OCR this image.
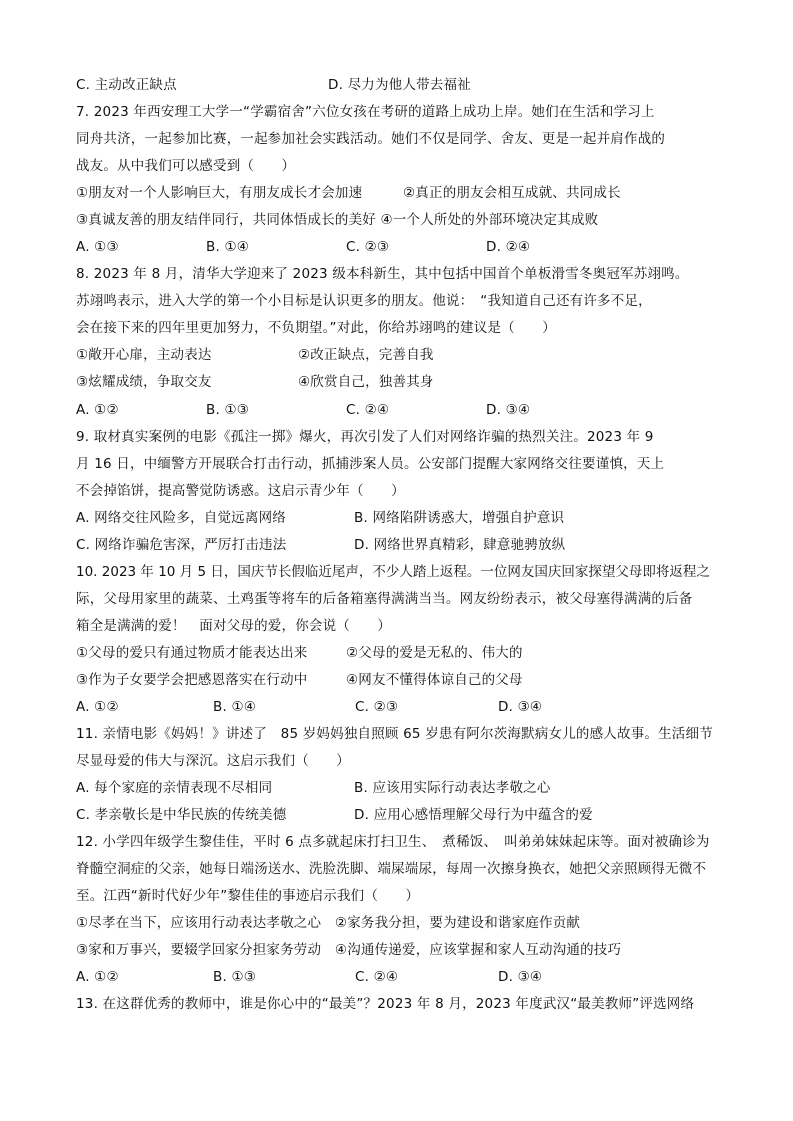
C. 主动改正缺点	D. 尽力为他人带去福祉
7. 2023 年西安理工大学一“学霸宿舍”六位女孩在考研的道路上成功上岸。她们在生活和学习上
同舟共济，一起参加比赛，一起参加社会实践活动。她们不仅是同学、舍友、更是一起并肩作战的
战友。从中我们可以感受到（　　）
①朋友对一个人影响巨大，有朋友成长才会加速	②真正的朋友会相互成就、共同成长
③真诚友善的朋友结伴同行，共同体悟成长的美好 ④一个人所处的外部环境决定其成败
A. ①③	B. ①④	C. ②③	D. ②④
8. 2023 年 8 月，清华大学迎来了 2023 级本科新生，其中包括中国首个单板滑雪冬奥冠军苏翊鸣。
苏翊鸣表示，进入大学的第一个小目标是认识更多的朋友。他说：　“我知道自己还有许多不足，
会在接下来的四年里更加努力，不负期望。”对此，你给苏翊鸣的建议是（　　）
①敞开心扉，主动表达	②改正缺点，完善自我
③炫耀成绩，争取交友	④欣赏自己，独善其身
A. ①②	B. ①③	C. ②④	D. ③④
9. 取材真实案例的电影《孤注一掷》爆火，再次引发了人们对网络诈骗的热烈关注。2023 年 9
月 16 日，中缅警方开展联合打击行动，抓捕涉案人员。公安部门提醒大家网络交往要谨慎，天上
不会掉馅饼，提高警觉防诱惑。这启示青少年（　　）
A. 网络交往风险多，自觉远离网络	B. 网络陷阱诱惑大，增强自护意识
C. 网络诈骗危害深，严厉打击违法	D. 网络世界真精彩，肆意驰骋放纵
10. 2023 年 10 月 5 日，国庆节长假临近尾声，不少人踏上返程。一位网友国庆回家探望父母即将返程之
际，父母用家里的蔬菜、土鸡蛋等将车的后备箱塞得满满当当。网友纷纷表示，被父母塞得满满的后备
箱全是满满的爱！　面对父母的爱，你会说（　　）
①父母的爱只有通过物质才能表达出来	②父母的爱是无私的、伟大的
③作为子女要学会把感恩落实在行动中	④网友不懂得体谅自己的父母
A. ①②	B. ①④	C. ②③	D. ③④
11. 亲情电影《妈妈！》讲述了　85 岁妈妈独自照顾 65 岁患有阿尔茨海默病女儿的感人故事。生活细节
尽显母爱的伟大与深沉。这启示我们（　　）
A. 每个家庭的亲情表现不尽相同	B. 应该用实际行动表达孝敬之心
C. 孝亲敬长是中华民族的传统美德	D. 应用心感悟理解父母行为中蕴含的爱
12. 小学四年级学生黎佳佳，平时 6 点多就起床打扫卫生、　煮稀饭、　叫弟弟妹妹起床等。面对被确诊为
脊髓空洞症的父亲，她每日端汤送水、洗脸洗脚、端屎端尿，每周一次擦身换衣，她把父亲照顾得无微不
至。江西“新时代好少年”黎佳佳的事迹启示我们（　　）
①尽孝在当下，应该用行动表达孝敬之心　②家务我分担，要为建设和谐家庭作贡献
③家和万事兴，要辍学回家分担家务劳动　④沟通传递爱，应该掌握和家人互动沟通的技巧
A. ①②	B. ①③	C. ②④	D. ③④
13. 在这群优秀的教师中，谁是你心中的“最美”？2023 年 8 月，2023 年度武汉“最美教师”评选网络
